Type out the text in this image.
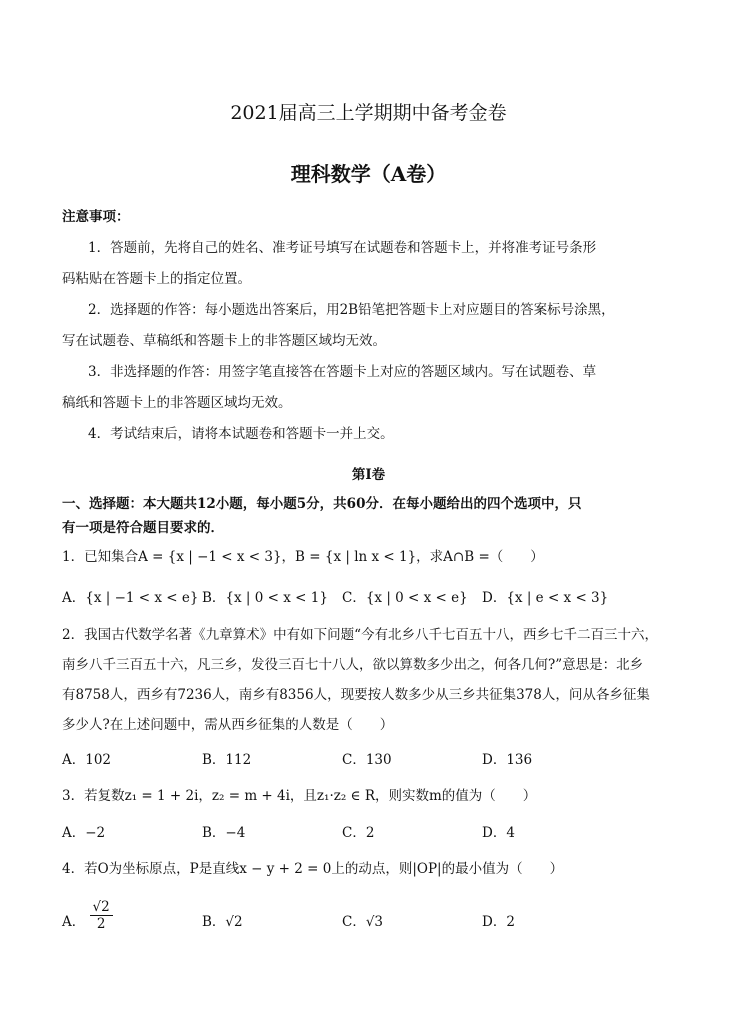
2021届高三上学期期中备考金卷
理科数学（A卷）
注意事项：
1．答题前，先将自己的姓名、准考证号填写在试题卷和答题卡上，并将准考证号条形
码粘贴在答题卡上的指定位置。
2．选择题的作答：每小题选出答案后，用2B铅笔把答题卡上对应题目的答案标号涂黑，
写在试题卷、草稿纸和答题卡上的非答题区域均无效。
3．非选择题的作答：用签字笔直接答在答题卡上对应的答题区域内。写在试题卷、草
稿纸和答题卡上的非答题区域均无效。
4．考试结束后，请将本试题卷和答题卡一并上交。
第Ⅰ卷
一、选择题：本大题共12小题，每小题5分，共60分．在每小题给出的四个选项中，只
有一项是符合题目要求的．
1．已知集合A = {x | −1 < x < 3}，B = {x | ln x < 1}，求A∩B =（　　）
A．{x | −1 < x < e} B．{x | 0 < x < 1} C．{x | 0 < x < e} D．{x | e < x < 3}
2．我国古代数学名著《九章算术》中有如下问题“今有北乡八千七百五十八，西乡七千二百三十六，
南乡八千三百五十六，凡三乡，发役三百七十八人，欲以算数多少出之，何各几何?”意思是：北乡
有8758人，西乡有7236人，南乡有8356人，现要按人数多少从三乡共征集378人，问从各乡征集
多少人?在上述问题中，需从西乡征集的人数是（　　）
A．102	B．112	C．130	D．136
3．若复数z₁ = 1 + 2i，z₂ = m + 4i，且z₁·z₂ ∈ R，则实数m的值为（　　）
A．−2	B．−4	C．2	D．4
4．若O为坐标原点，P是直线x − y + 2 = 0上的动点，则|OP|的最小值为（　　）
A． $\frac{√2}{2}$	B．√2	C．√3	D．2
